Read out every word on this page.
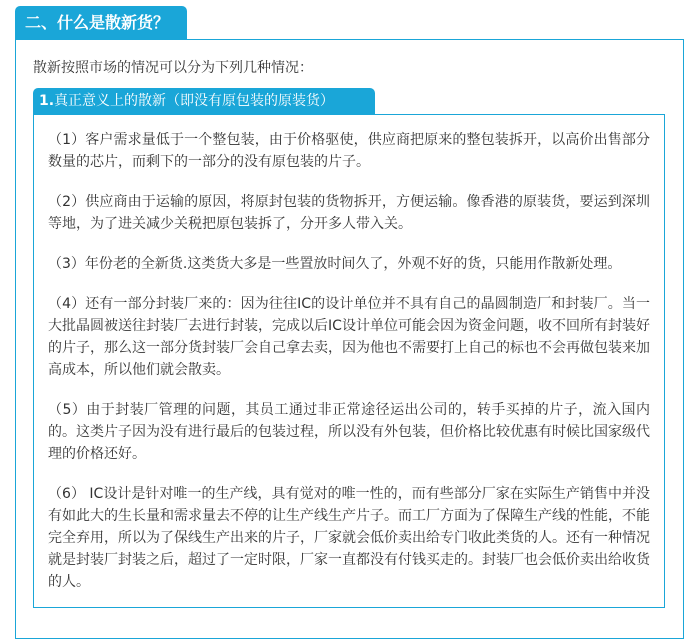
二、什么是散新货？
散新按照市场的情况可以分为下列几种情况：
1.真正意义上的散新（即没有原包装的原装货）

（1）客户需求量低于一个整包装，由于价格驱使，供应商把原来的整包装拆开，以高价出售部分数量的芯片，而剩下的一部分的没有原包装的片子。

（2）供应商由于运输的原因，将原封包装的货物拆开，方便运输。像香港的原装货，要运到深圳等地，为了进关减少关税把原包装拆了，分开多人带入关。

（3）年份老的全新货.这类货大多是一些置放时间久了，外观不好的货，只能用作散新处理。

（4）还有一部分封装厂来的：因为往往IC的设计单位并不具有自己的晶圆制造厂和封装厂。当一大批晶圆被送往封装厂去进行封装，完成以后IC设计单位可能会因为资金问题，收不回所有封装好的片子，那么这一部分货封装厂会自己拿去卖，因为他也不需要打上自己的标也不会再做包装来加高成本，所以他们就会散卖。

（5）由于封装厂管理的问题，其员工通过非正常途径运出公司的，转手买掉的片子，流入国内的。这类片子因为没有进行最后的包装过程，所以没有外包装，但价格比较优惠有时候比国家级代理的价格还好。

（6） IC设计是针对唯一的生产线，具有觉对的唯一性的，而有些部分厂家在实际生产销售中并没有如此大的生长量和需求量去不停的让生产线生产片子。而工厂方面为了保障生产线的性能，不能完全弃用，所以为了保线生产出来的片子，厂家就会低价卖出给专门收此类货的人。还有一种情况就是封装厂封装之后，超过了一定时限，厂家一直都没有付钱买走的。封装厂也会低价卖出给收货的人。
